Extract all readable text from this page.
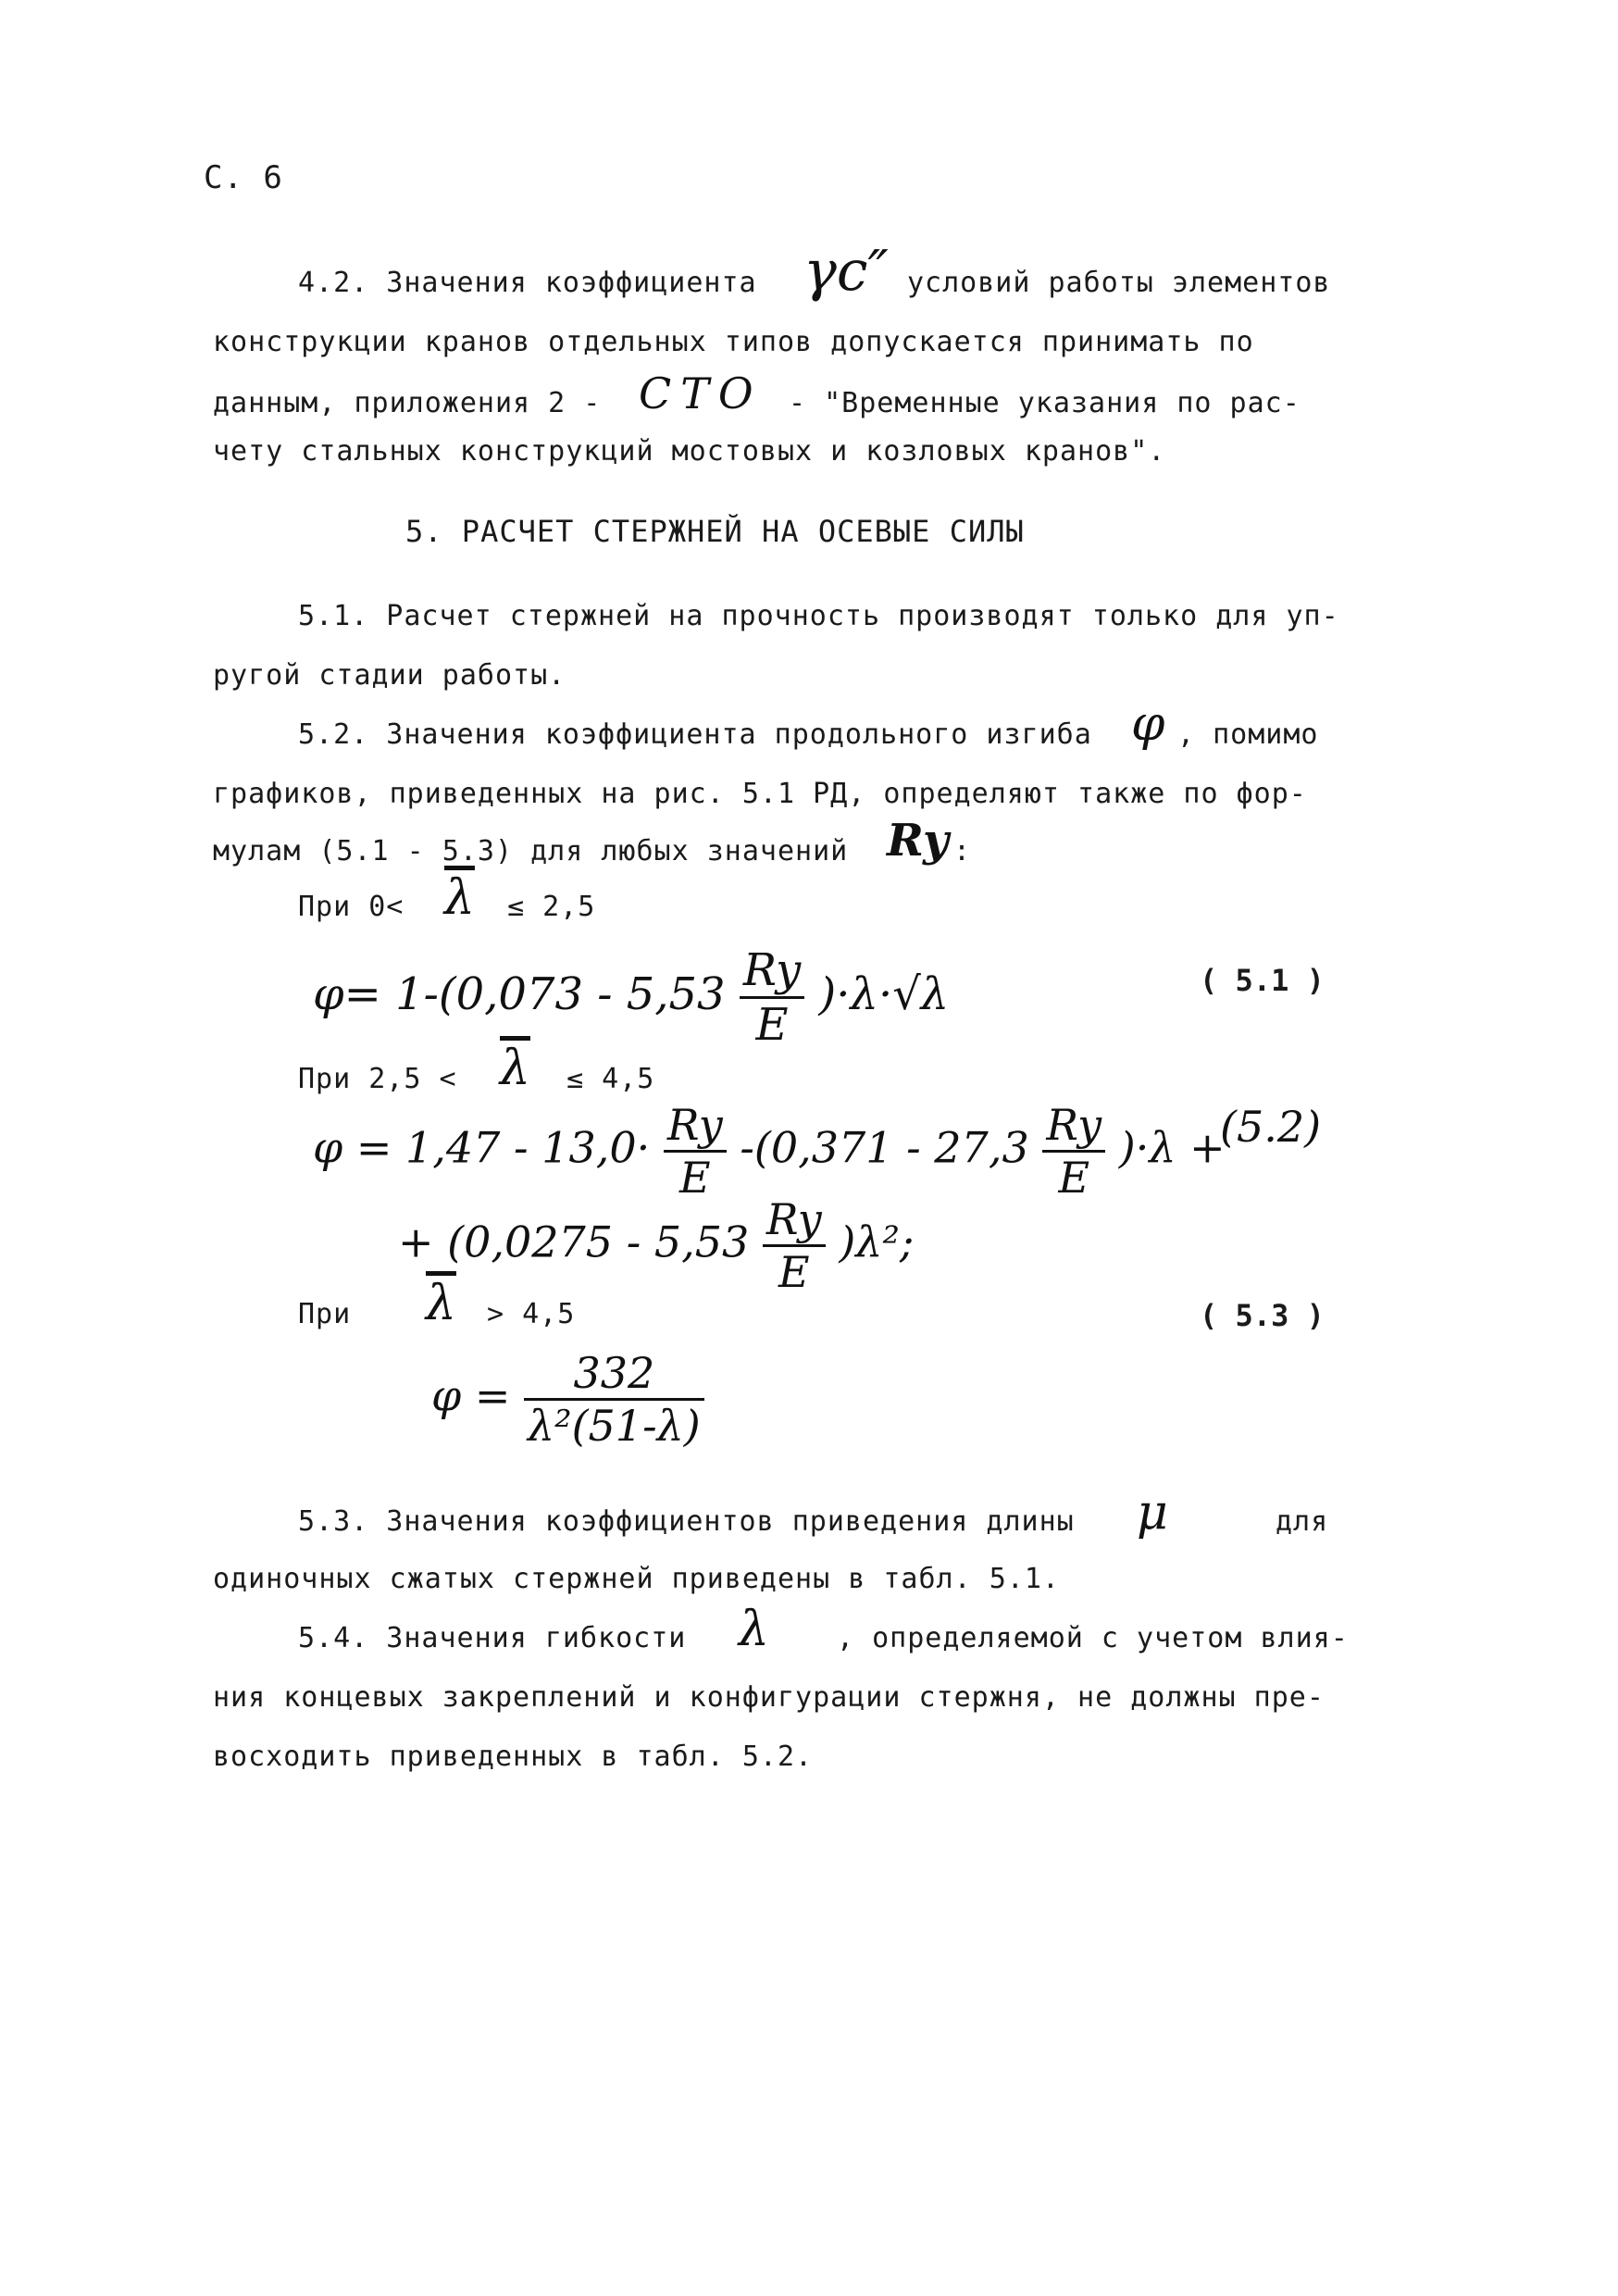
С. 6
4.2. Значения коэффициента γc″ условий работы элементов
конструкции кранов отдельных типов допускается принимать по
данным, приложения 2 - СТО - "Временные указания по рас-
чету стальных конструкций мостовых и козловых кранов".
5. РАСЧЕТ СТЕРЖНЕЙ НА ОСЕВЫЕ СИЛЫ
5.1. Расчет стержней на прочность производят только для уп-
ругой стадии работы.
5.2. Значения коэффициента продольного изгиба φ , помимо
графиков, приведенных на рис. 5.1 РД, определяют также по фор-
мулам (5.1 - 5.3) для любых значений Ry :
При $0< \overline{\lambda} \le 2,5$
$\varphi= 1-(0,073 - 5,53 \frac{Ry}{E} )\cdot\lambda\cdot√\lambda$	( 5.1 )
При $2,5 < \overline{\lambda} \le 4,5$
$\varphi = 1,47 - 13,0\cdot \frac{Ry}{E} -(0,371 - 27,3 \frac{Ry}{E} )\cdot\lambda$ +
(5.2)
+ $(0,0275 - 5,53 \frac{Ry}{E} )\lambda^2$;
При $\overline{\lambda} > 4,5$	( 5.3 )
$\varphi = \frac{332}{\text{λ²(51-λ)}}$
5.3. Значения коэффициентов приведения длины μ	для
одиночных сжатых стержней приведены в табл. 5.1.
5.4. Значения гибкости λ , определяемой с учетом влия-
ния концевых закреплений и конфигурации стержня, не должны пре-
восходить приведенных в табл. 5.2.
